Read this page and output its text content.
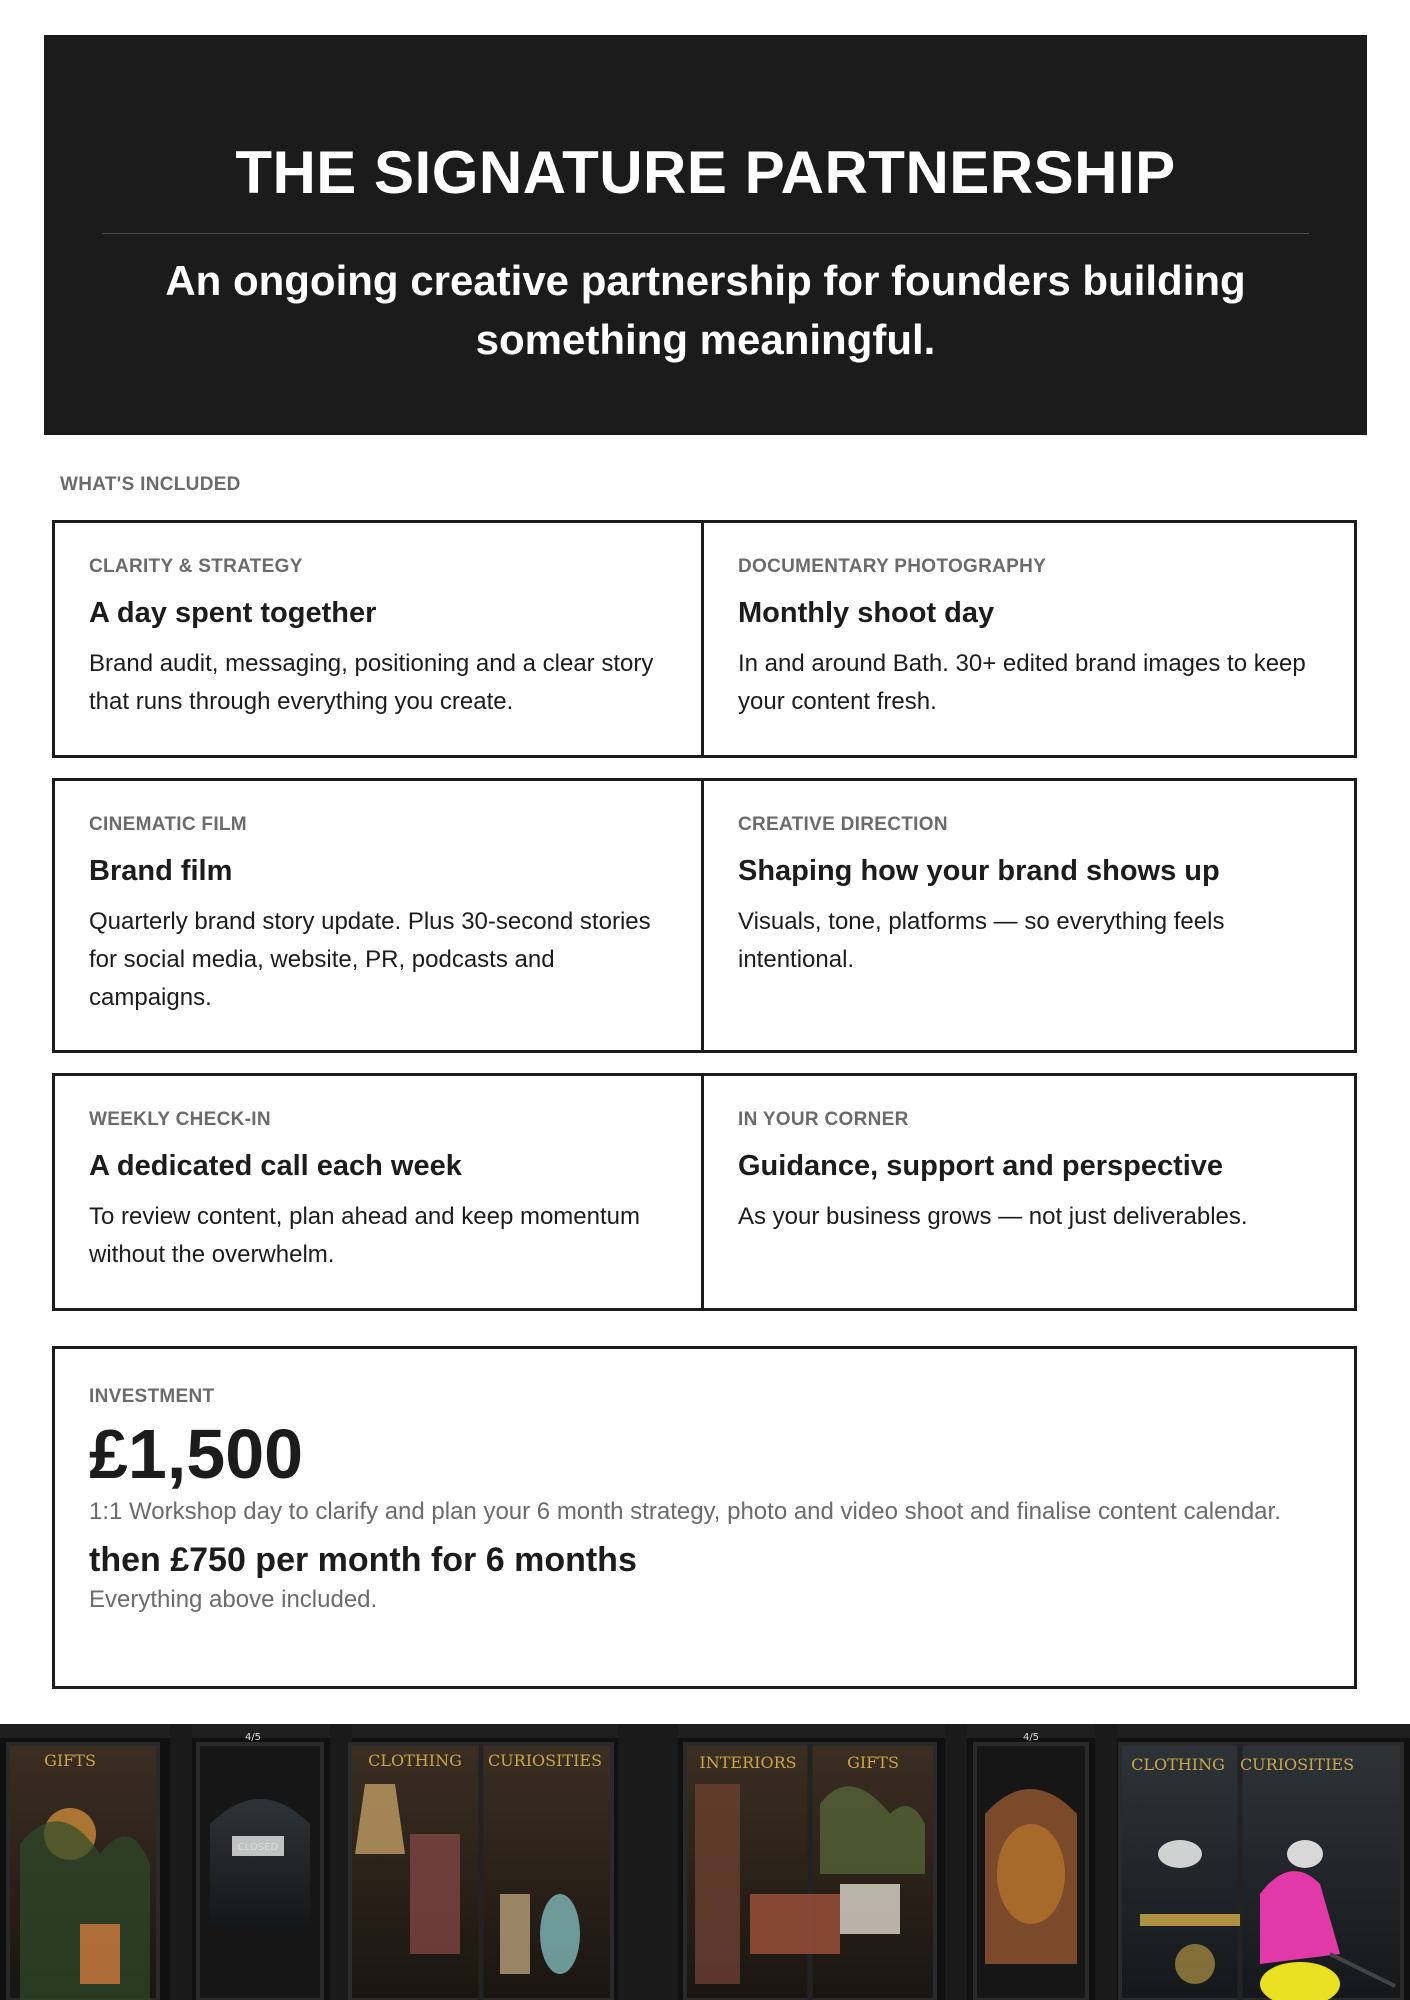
THE SIGNATURE PARTNERSHIP

An ongoing creative partnership for founders building something meaningful.

WHAT'S INCLUDED
CLARITY & STRATEGY
A day spent together
Brand audit, messaging, positioning and a clear story that runs through everything you create.
DOCUMENTARY PHOTOGRAPHY
Monthly shoot day
In and around Bath. 30+ edited brand images to keep your content fresh.
CINEMATIC FILM
Brand film
Quarterly brand story update. Plus 30-second stories for social media, website, PR, podcasts and campaigns.
CREATIVE DIRECTION
Shaping how your brand shows up
Visuals, tone, platforms — so everything feels intentional.
WEEKLY CHECK-IN
A dedicated call each week
To review content, plan ahead and keep momentum without the overwhelm.
IN YOUR CORNER
Guidance, support and perspective
As your business grows — not just deliverables.
INVESTMENT
£1,500
1:1 Workshop day to clarify and plan your 6 month strategy, photo and video shoot and finalise content calendar.
then £750 per month for 6 months
Everything above included.
CLOSED
4/5	4/5
GIFTS	CLOTHING CURIOSITIES	INTERIORS	GIFTS	CLOTHING CURIOSITIES
